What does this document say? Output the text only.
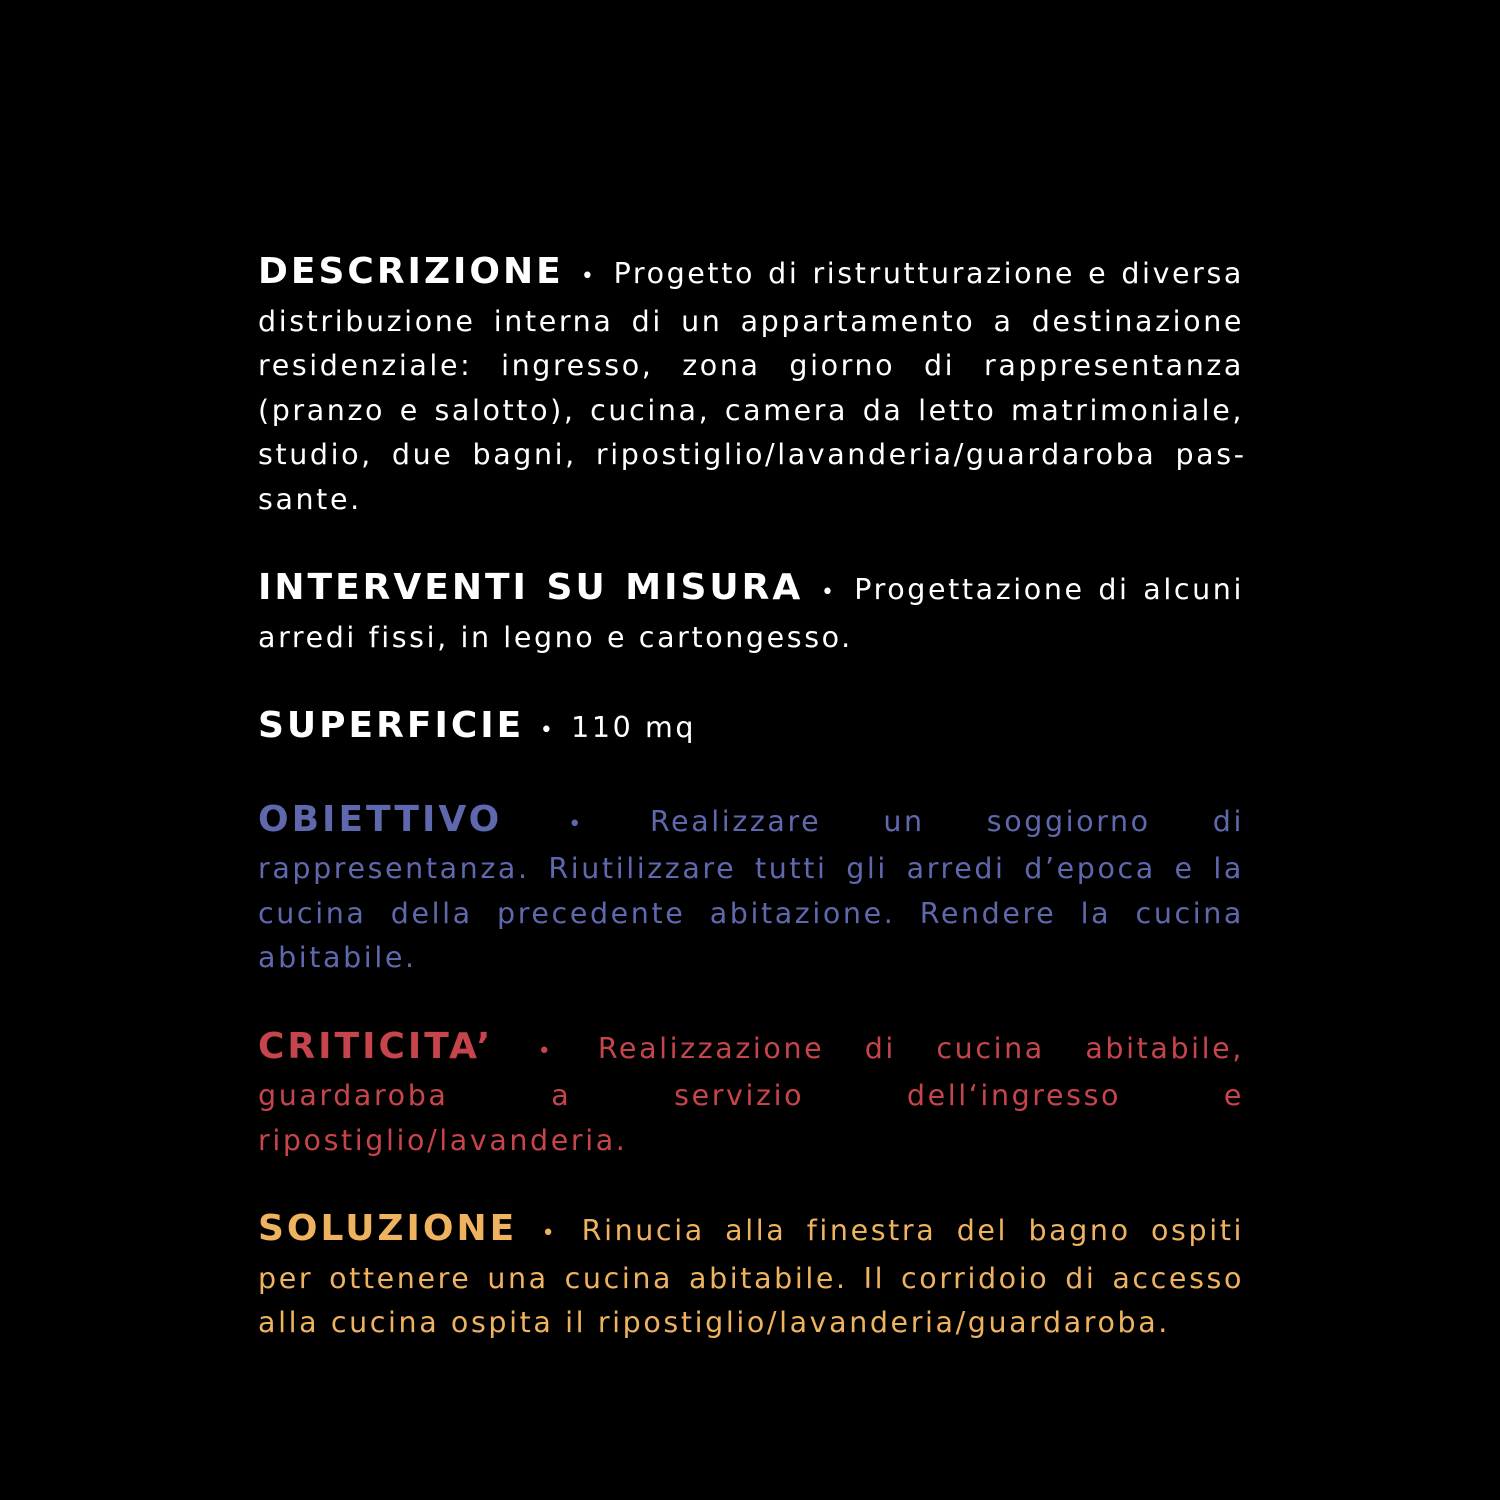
DESCRIZIONE • Progetto di ristrutturazione e diversa distribuzione interna di un appartamento a destinazione residenziale: ingresso, zona giorno di rappresentanza (pranzo e salotto), cucina, camera da letto matrimoniale, studio, due bagni, ripostiglio/lavanderia/guardaroba passante.

INTERVENTI SU MISURA • Progettazione di alcuni arredi fissi, in legno e cartongesso.

SUPERFICIE • 110 mq

OBIETTIVO	• Realizzare un soggiorno di rappresentanza. Riutilizzare tutti gli arredi d’epoca e la cucina della precedente abitazione. Rendere la cucina abitabile.

CRITICITA’ • Realizzazione di cucina abitabile, guardaroba a servizio dell‘ingresso e ripostiglio/lavanderia.

SOLUZIONE • Rinucia alla finestra del bagno ospiti per ottenere una cucina abitabile. Il corridoio di accesso alla cucina ospita il ripostiglio/lavanderia/guardaroba.
